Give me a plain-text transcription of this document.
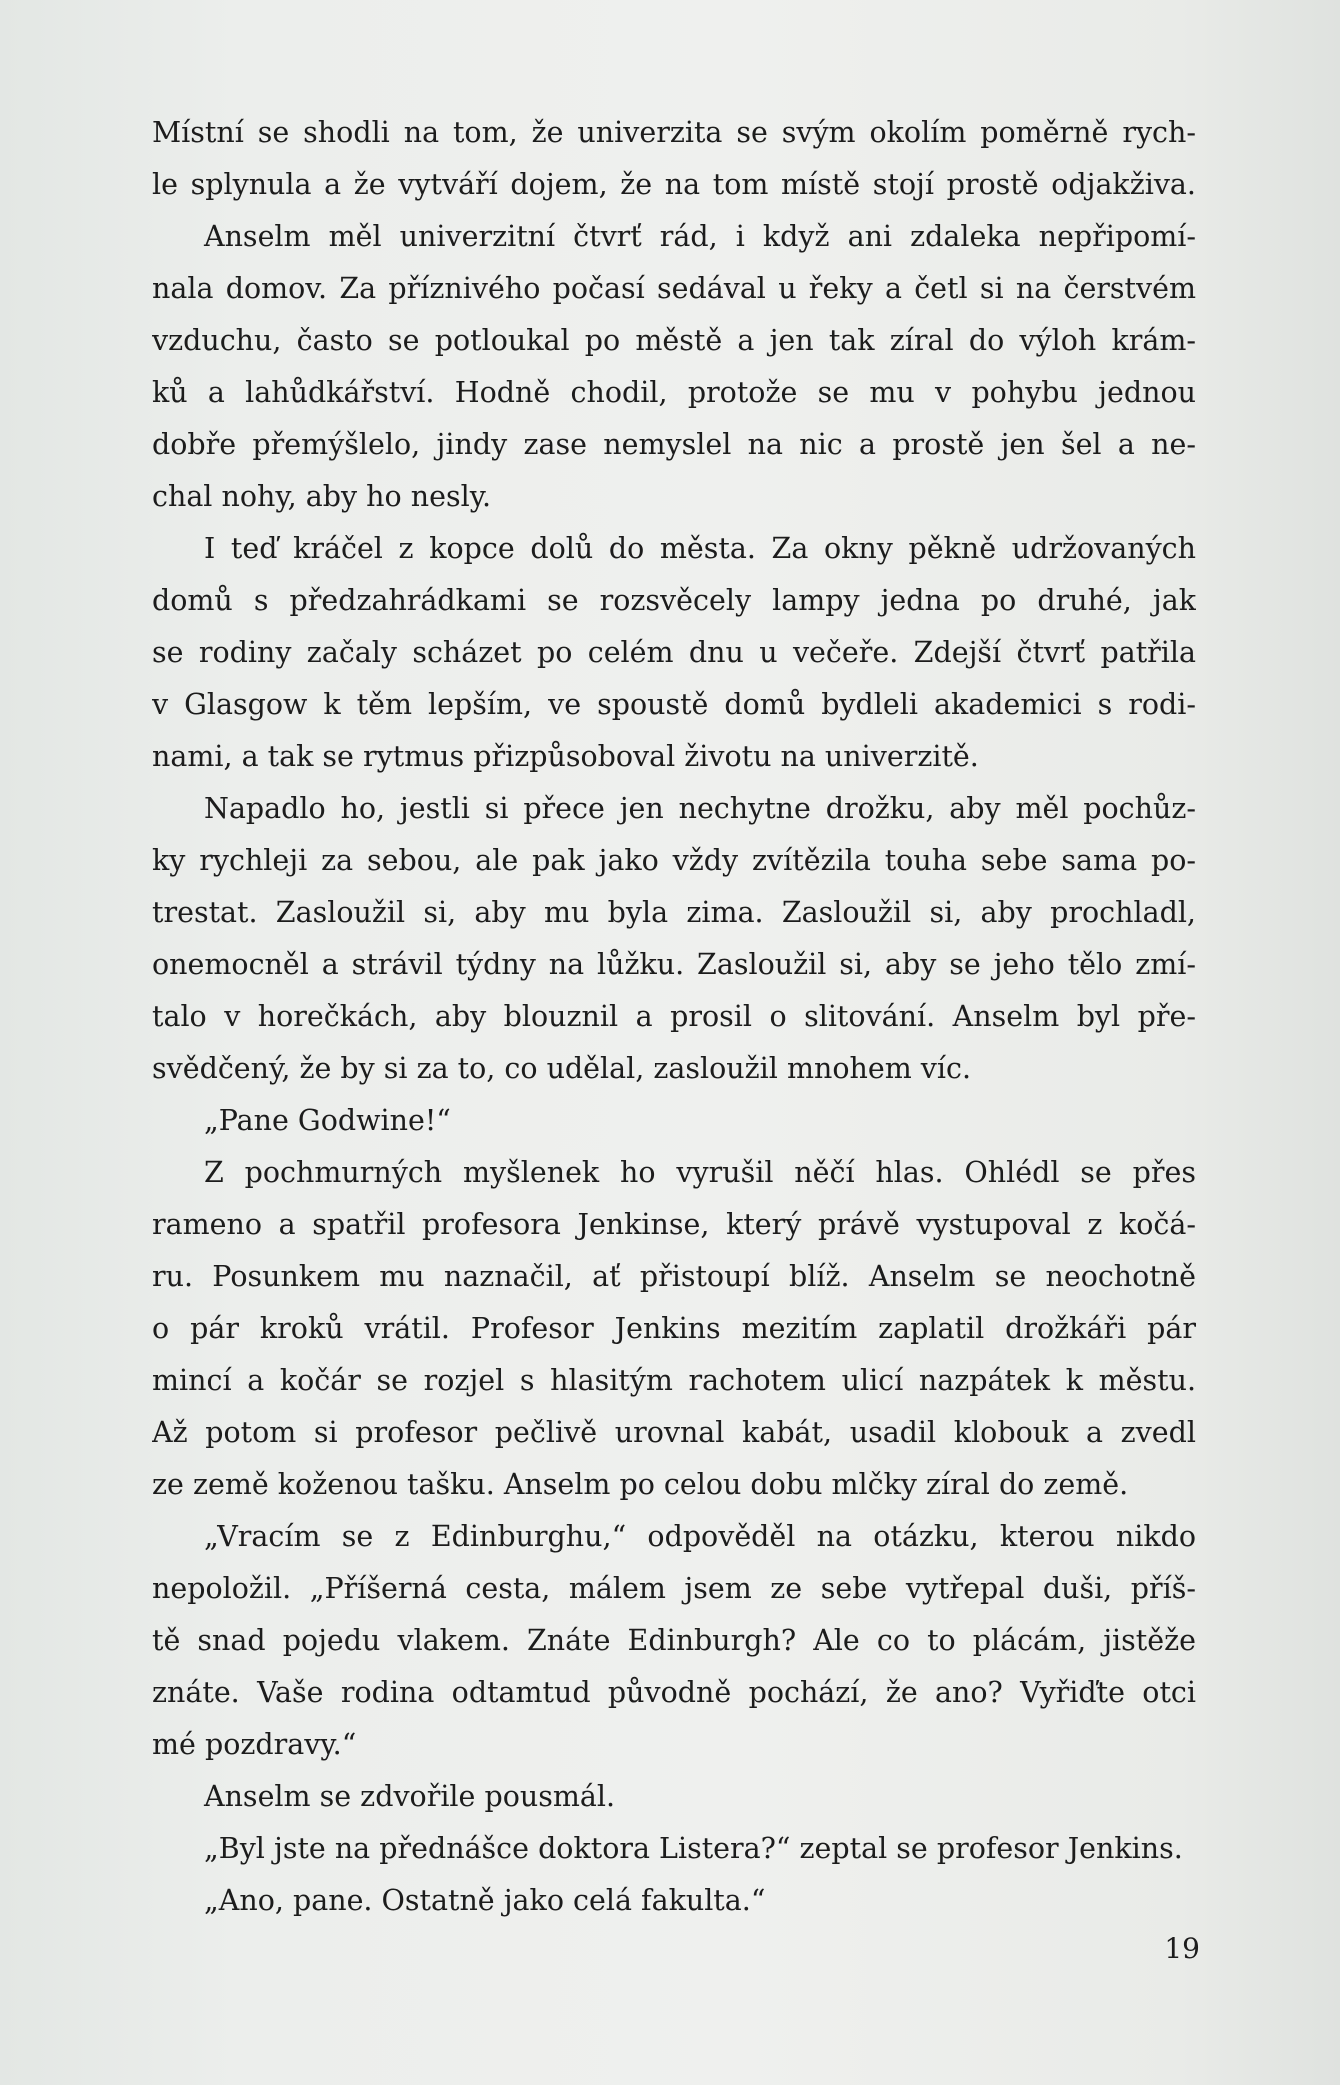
Místní se shodli na tom, že univerzita se svým okolím poměrně rych-
le splynula a že vytváří dojem, že na tom místě stojí prostě odjakživa.
Anselm měl univerzitní čtvrť rád, i když ani zdaleka nepřipomí-
nala domov. Za příznivého počasí sedával u řeky a četl si na čerstvém
vzduchu, často se potloukal po městě a jen tak zíral do výloh krám-
ků a lahůdkářství. Hodně chodil, protože se mu v pohybu jednou
dobře přemýšlelo, jindy zase nemyslel na nic a prostě jen šel a ne-
chal nohy, aby ho nesly.
I teď kráčel z kopce dolů do města. Za okny pěkně udržovaných
domů s předzahrádkami se rozsvěcely lampy jedna po druhé, jak
se rodiny začaly scházet po celém dnu u večeře. Zdejší čtvrť patřila
v Glasgow k těm lepším, ve spoustě domů bydleli akademici s rodi-
nami, a tak se rytmus přizpůsoboval životu na univerzitě.
Napadlo ho, jestli si přece jen nechytne drožku, aby měl pochůz-
ky rychleji za sebou, ale pak jako vždy zvítězila touha sebe sama po-
trestat. Zasloužil si, aby mu byla zima. Zasloužil si, aby prochladl,
onemocněl a strávil týdny na lůžku. Zasloužil si, aby se jeho tělo zmí-
talo v horečkách, aby blouznil a prosil o slitování. Anselm byl pře-
svědčený, že by si za to, co udělal, zasloužil mnohem víc.
„Pane Godwine!“
Z pochmurných myšlenek ho vyrušil něčí hlas. Ohlédl se přes
rameno a spatřil profesora Jenkinse, který právě vystupoval z kočá-
ru. Posunkem mu naznačil, ať přistoupí blíž. Anselm se neochotně
o pár kroků vrátil. Profesor Jenkins mezitím zaplatil drožkáři pár
mincí a kočár se rozjel s hlasitým rachotem ulicí nazpátek k městu.
Až potom si profesor pečlivě urovnal kabát, usadil klobouk a zvedl
ze země koženou tašku. Anselm po celou dobu mlčky zíral do země.
„Vracím se z Edinburghu,“ odpověděl na otázku, kterou nikdo
nepoložil. „Příšerná cesta, málem jsem ze sebe vytřepal duši, příš-
tě snad pojedu vlakem. Znáte Edinburgh? Ale co to plácám, jistěže
znáte. Vaše rodina odtamtud původně pochází, že ano? Vyřiďte otci
mé pozdravy.“
Anselm se zdvořile pousmál.
„Byl jste na přednášce doktora Listera?“ zeptal se profesor Jenkins.
„Ano, pane. Ostatně jako celá fakulta.“
19
